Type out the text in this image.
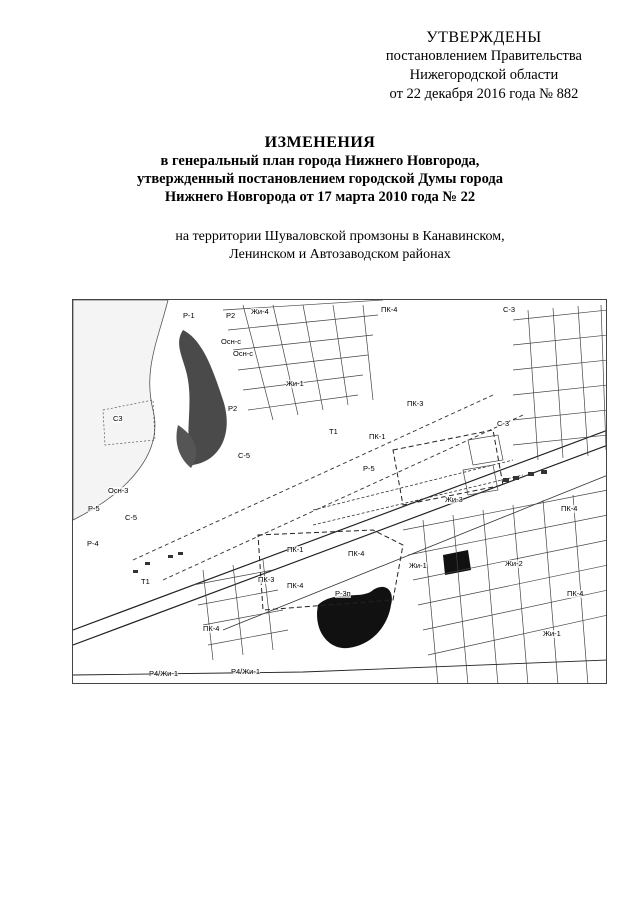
УТВЕРЖДЕНЫ
постановлением Правительства
Нижегородской области
от 22 декабря 2016 года № 882
ИЗМЕНЕНИЯ
в генеральный план города Нижнего Новгорода,
утвержденный постановлением городской Думы города
Нижнего Новгорода от 17 марта 2010 года № 22
на территории Шуваловской промзоны в Канавинском,
Ленинском и Автозаводском районах
Р-1	Р2 Жи-4
Осн-с
Осн-с
ПК-4	С-3
Жи-1
ПК-3
С3
Р2
Т1
ПК-1
С-5
Р-5
С-3
Осн-3
Р-5
С-5
Жи-3
ПК-4
Р-4
ПК-1	ПК-4
Т1	ПК-3
Жи-1	Жи-2
ПК-4
Р-3п
ПК-4
ПК-4
Жи-1
Р4/Жи-1	Р4/Жи-1
